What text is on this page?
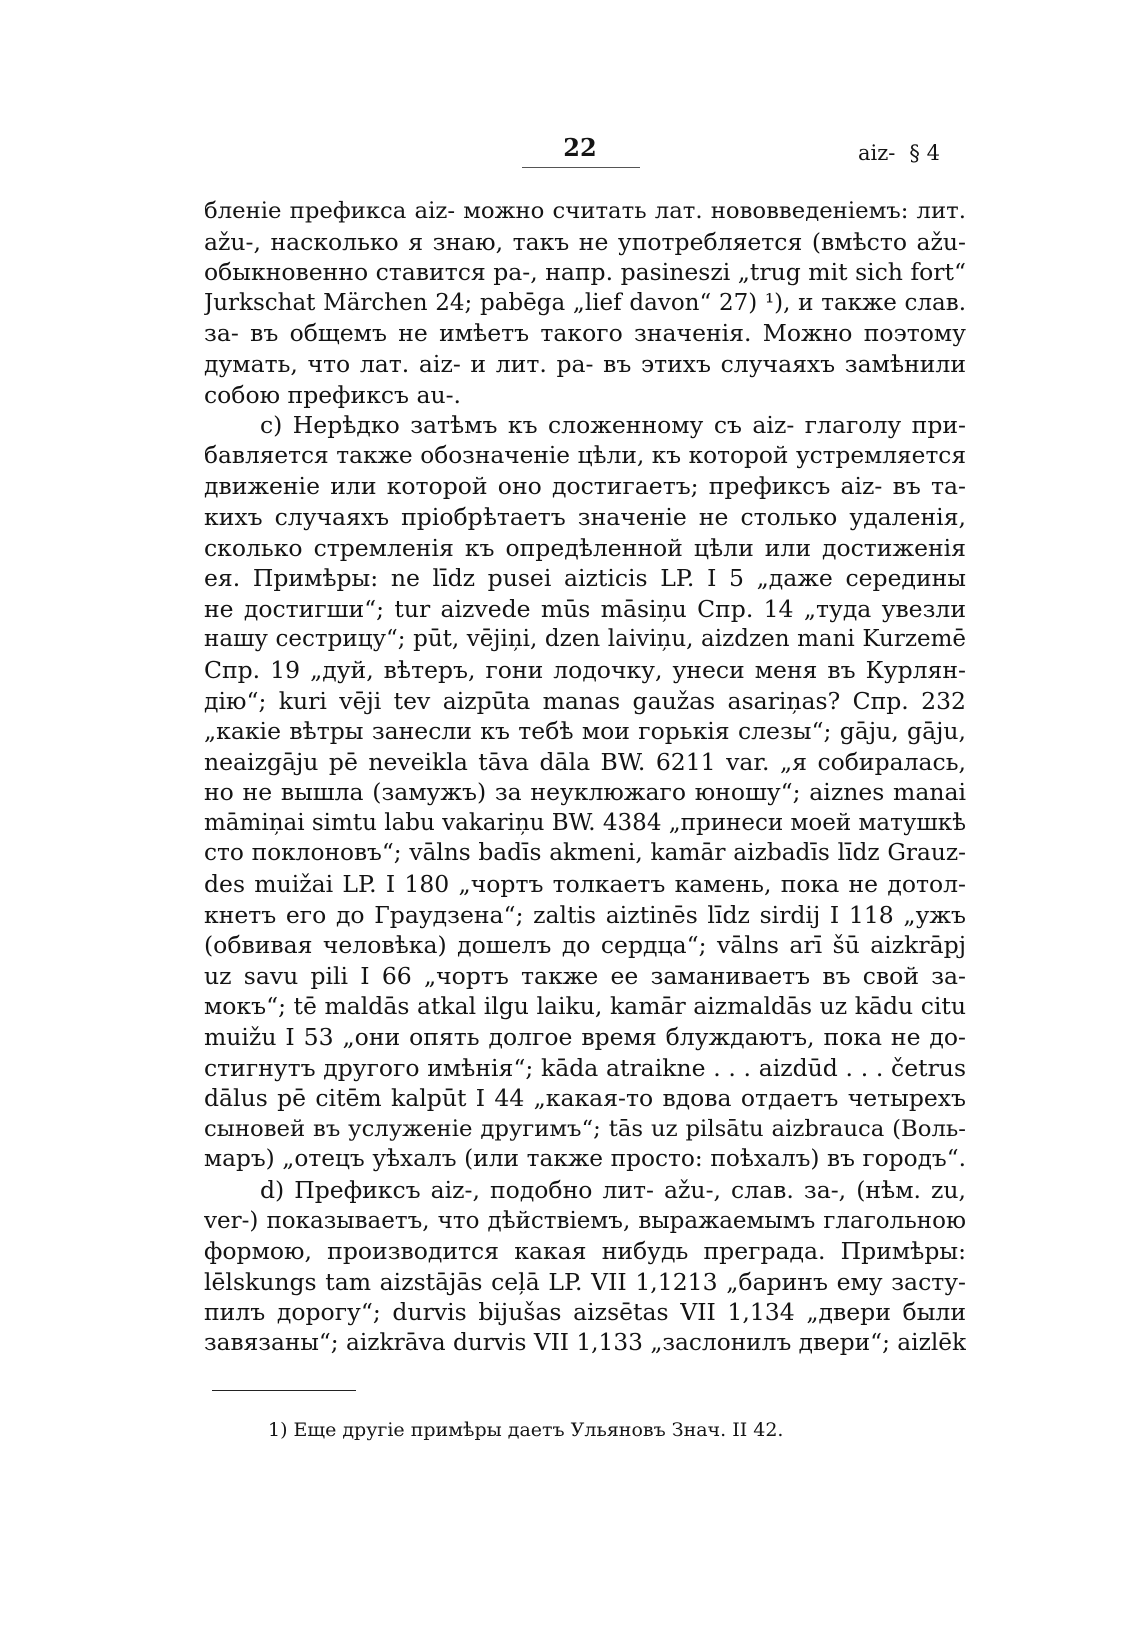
22	aiz- § 4
бленіе префикса aiz- можно считать лат. нововведеніемъ: лит.
ažu-, насколько я знаю, такъ не употребляется (вмѣсто ažu-
обыкновенно ставится pa-, напр. pasineszi „trug mit sich fort“
Jurkschat Märchen 24; pabēga „lief davon“ 27) ¹), и также слав.
за- въ общемъ не имѣетъ такого значенія. Можно поэтому
думать, что лат. aiz- и лит. pa- въ этихъ случаяхъ замѣнили
собою префиксъ au-.
c) Нерѣдко затѣмъ къ сложенному съ aiz- глаголу при-
бавляется также обозначеніе цѣли, къ которой устремляется
движеніе или которой оно достигаетъ; префиксъ aiz- въ та-
кихъ случаяхъ пріобрѣтаетъ значеніе не столько удаленія,
сколько стремленія къ опредѣленной цѣли или достиженія
ея. Примѣры: ne līdz pusei aizticis LP. I 5 „даже середины
не достигши“; tur aizvede mūs māsiņu Спр. 14 „туда увезли
нашу сестрицу“; pūt, vējiņi, dzen laiviņu, aizdzen mani Kurzemē
Спр. 19 „дуй, вѣтеръ, гони лодочку, унеси меня въ Курлян-
дію“; kuri vēji tev aizpūta manas gaužas asariņas? Спр. 232
„какіе вѣтры занесли къ тебѣ мои горькія слезы“; gāju, gāju,
neaizgāju pē neveikla tāva dāla BW. 6211 var. „я собиралась,
но не вышла (замужъ) за неуклюжаго юношу“; aiznes manai
māmiņai simtu labu vakariņu BW. 4384 „принеси моей матушкѣ
сто поклоновъ“; vālns badīs akmeni, kamār aizbadīs līdz Grauz-
des muižai LP. I 180 „чортъ толкаетъ камень, пока не дотол-
кнетъ его до Граудзена“; zaltis aiztinēs līdz sirdij I 118 „ужъ
(обвивая человѣка) дошелъ до сердца“; vālns arī šū aizkrāpj
uz savu pili I 66 „чортъ также ее заманиваетъ въ свой за-
мокъ“; tē maldās atkal ilgu laiku, kamār aizmaldās uz kādu citu
muižu I 53 „они опять долгое время блуждаютъ, пока не до-
стигнутъ другого имѣнія“; kāda atraikne . . . aizdūd . . . četrus
dālus pē citēm kalpūt I 44 „какая-то вдова отдаетъ четырехъ
сыновей въ услуженіе другимъ“; tās uz pilsātu aizbrauca (Воль-
маръ) „отецъ уѣхалъ (или также просто: поѣхалъ) въ городъ“.
d) Префиксъ aiz-, подобно лит- ažu-, слав. за-, (нѣм. zu,
ver-) показываетъ, что дѣйствіемъ, выражаемымъ глагольною
формою, производится какая нибудь преграда. Примѣры:
lēlskungs tam aizstājās ceļā LP. VII 1,1213 „баринъ ему засту-
пилъ дорогу“; durvis bijušas aizsētas VII 1,134 „двери были
завязаны“; aizkrāva durvis VII 1,133 „заслонилъ двери“; aizlēk
1) Еще другіе примѣры даетъ Ульяновъ Знач. II 42.
